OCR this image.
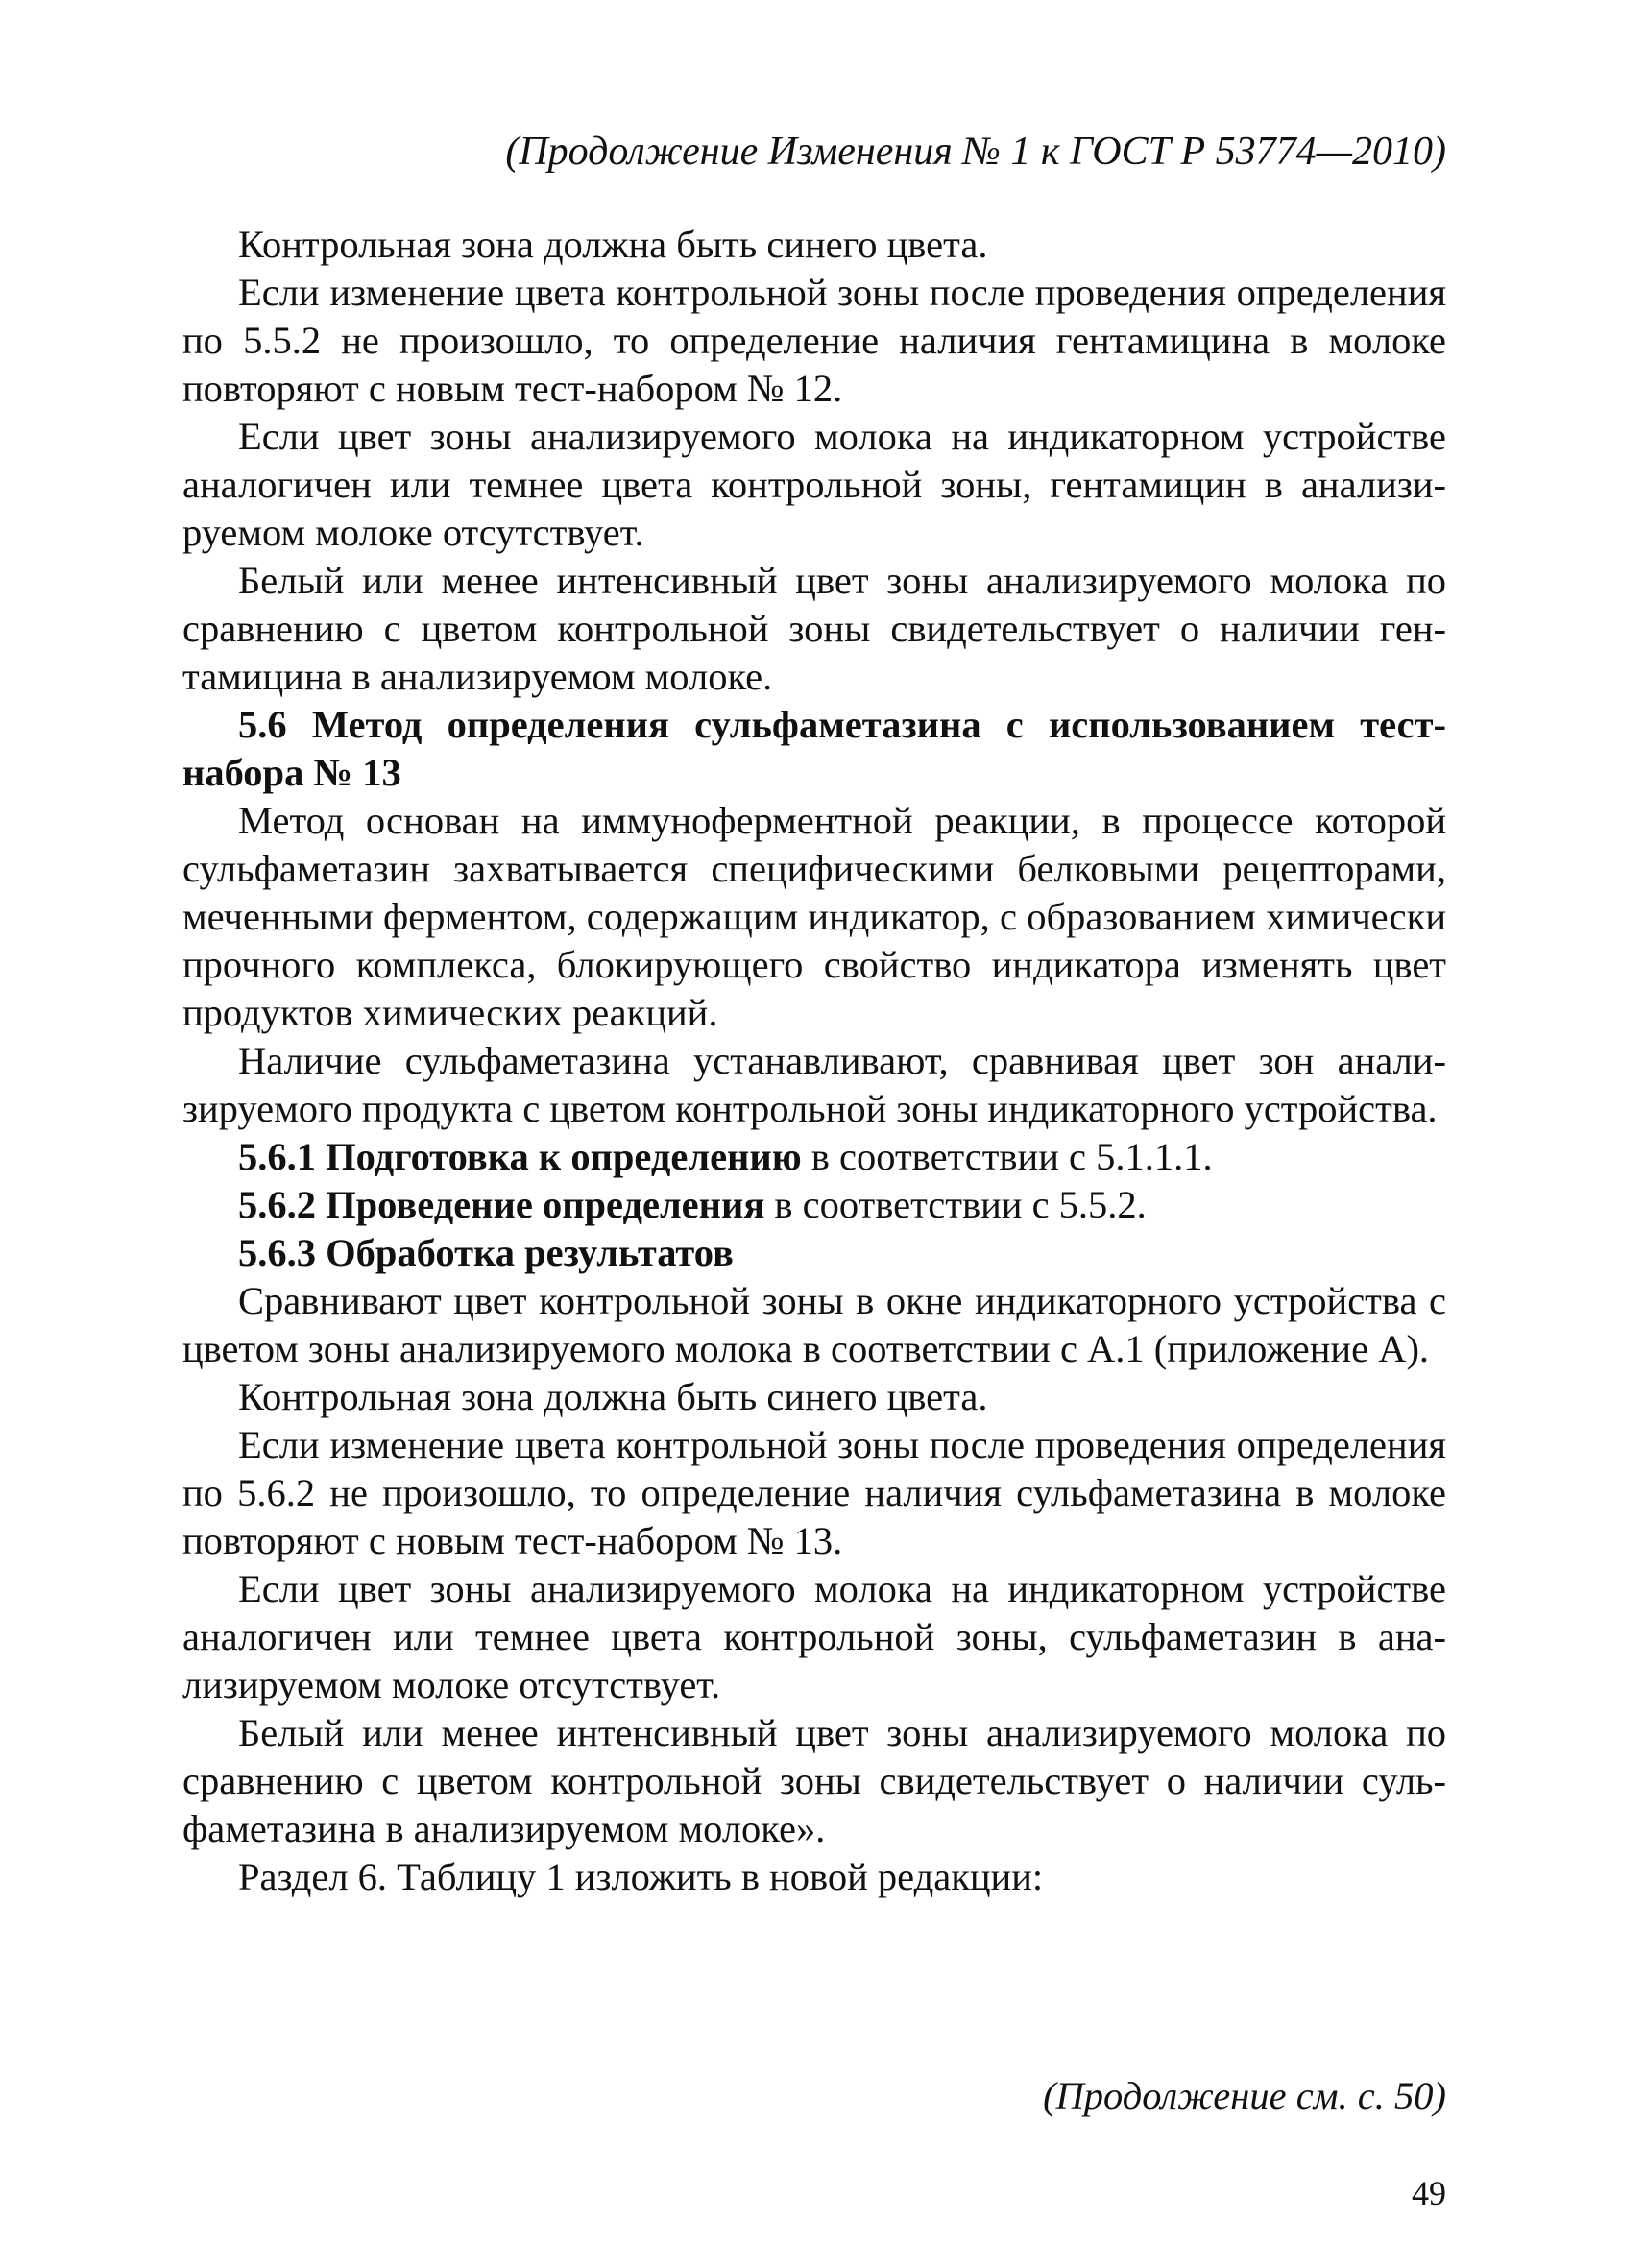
(Продолжение Изменения № 1 к ГОСТ Р 53774—2010)

Контрольная зона должна быть синего цвета.

Если изменение цвета контрольной зоны после проведения определения по 5.5.2 не произошло, то определение наличия гентамицина в молоке повторяют с новым тест-набором № 12.

Если цвет зоны анализируемого молока на индикаторном устройстве аналогичен или темнее цвета контрольной зоны, гентамицин в анализируемом молоке отсутствует.

Белый или менее интенсивный цвет зоны анализируемого молока по сравнению с цветом контрольной зоны свидетельствует о наличии гентамицина в анализируемом молоке.

5.6 Метод определения сульфаметазина с использованием тест-набора № 13

Метод основан на иммуноферментной реакции, в процессе которой сульфаметазин захватывается специфическими белковыми рецепторами, меченными ферментом, содержащим индикатор, с образованием химически прочного комплекса, блокирующего свойство индикатора изменять цвет продуктов химических реакций.

Наличие сульфаметазина устанавливают, сравнивая цвет зон анализируемого продукта с цветом контрольной зоны индикаторного устройства.

5.6.1 Подготовка к определению в соответствии с 5.1.1.1.

5.6.2 Проведение определения в соответствии с 5.5.2.

5.6.3 Обработка результатов

Сравнивают цвет контрольной зоны в окне индикаторного устройства с цветом зоны анализируемого молока в соответствии с А.1 (приложение А).

Контрольная зона должна быть синего цвета.

Если изменение цвета контрольной зоны после проведения определения по 5.6.2 не произошло, то определение наличия сульфаметазина в молоке повторяют с новым тест-набором № 13.

Если цвет зоны анализируемого молока на индикаторном устройстве аналогичен или темнее цвета контрольной зоны, сульфаметазин в анализируемом молоке отсутствует.

Белый или менее интенсивный цвет зоны анализируемого молока по сравнению с цветом контрольной зоны свидетельствует о наличии сульфаметазина в анализируемом молоке».

Раздел 6. Таблицу 1 изложить в новой редакции:

(Продолжение см. с. 50)
49
